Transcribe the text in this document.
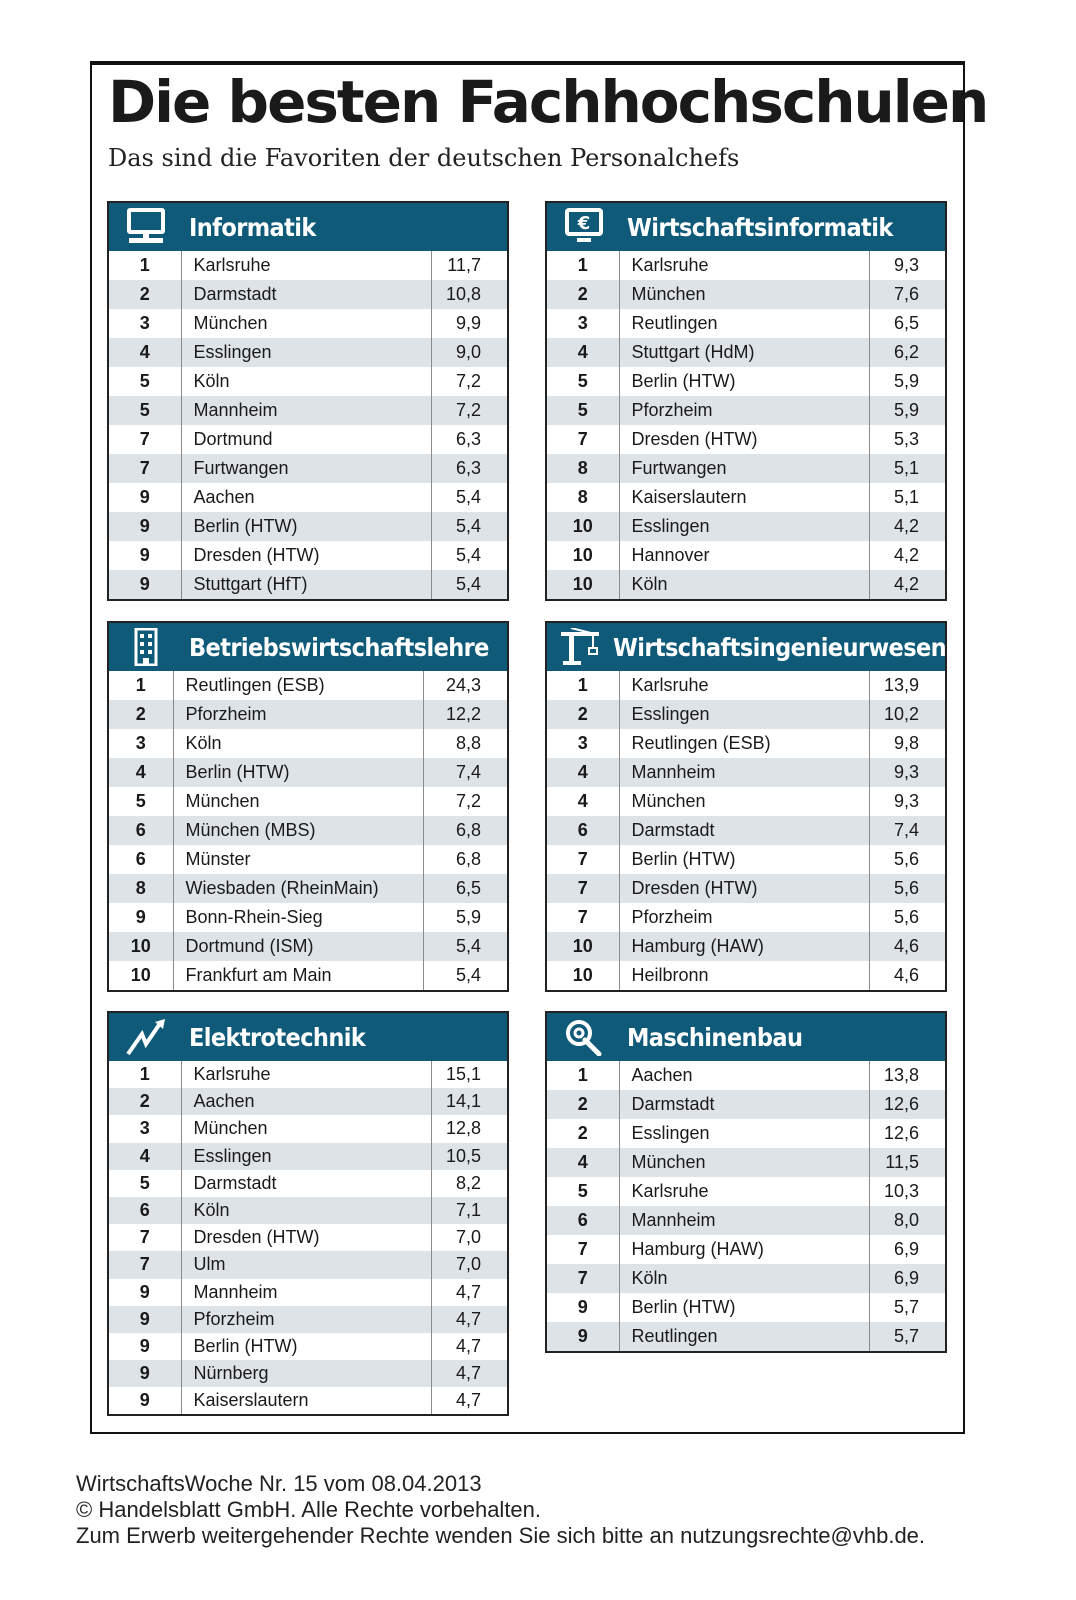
Die besten Fachhochschulen

Das sind die Favoriten der deutschen Personalchefs

Informatik
1	Karlsruhe	11,7
2	Darmstadt	10,8
3	München	9,9
4	Esslingen	9,0
5	Köln	7,2
5	Mannheim	7,2
7	Dortmund	6,3
7	Furtwangen	6,3
9	Aachen	5,4
9	Berlin (HTW)	5,4
9	Dresden (HTW)	5,4
9	Stuttgart (HfT)	5,4
€ Wirtschaftsinformatik
1	Karlsruhe	9,3
2	München	7,6
3	Reutlingen	6,5
4	Stuttgart (HdM)	6,2
5	Berlin (HTW)	5,9
5	Pforzheim	5,9
7	Dresden (HTW)	5,3
8	Furtwangen	5,1
8	Kaiserslautern	5,1
10	Esslingen	4,2
10	Hannover	4,2
10	Köln	4,2
Betriebswirtschaftslehre
1	Reutlingen (ESB)	24,3
2	Pforzheim	12,2
3	Köln	8,8
4	Berlin (HTW)	7,4
5	München	7,2
6	München (MBS)	6,8
6	Münster	6,8
8	Wiesbaden (RheinMain)	6,5
9	Bonn-Rhein-Sieg	5,9
10	Dortmund (ISM)	5,4
10	Frankfurt am Main	5,4
Wirtschaftsingenieurwesen
1	Karlsruhe	13,9
2	Esslingen	10,2
3	Reutlingen (ESB)	9,8
4	Mannheim	9,3
4	München	9,3
6	Darmstadt	7,4
7	Berlin (HTW)	5,6
7	Dresden (HTW)	5,6
7	Pforzheim	5,6
10	Hamburg (HAW)	4,6
10	Heilbronn	4,6
Elektrotechnik
1	Karlsruhe	15,1
2	Aachen	14,1
3	München	12,8
4	Esslingen	10,5
5	Darmstadt	8,2
6	Köln	7,1
7	Dresden (HTW)	7,0
7	Ulm	7,0
9	Mannheim	4,7
9	Pforzheim	4,7
9	Berlin (HTW)	4,7
9	Nürnberg	4,7
9	Kaiserslautern	4,7
Maschinenbau
1	Aachen	13,8
2	Darmstadt	12,6
2	Esslingen	12,6
4	München	11,5
5	Karlsruhe	10,3
6	Mannheim	8,0
7	Hamburg (HAW)	6,9
7	Köln	6,9
9	Berlin (HTW)	5,7
9	Reutlingen	5,7
WirtschaftsWoche Nr. 15 vom 08.04.2013
© Handelsblatt GmbH. Alle Rechte vorbehalten.
Zum Erwerb weitergehender Rechte wenden Sie sich bitte an nutzungsrechte@vhb.de.
